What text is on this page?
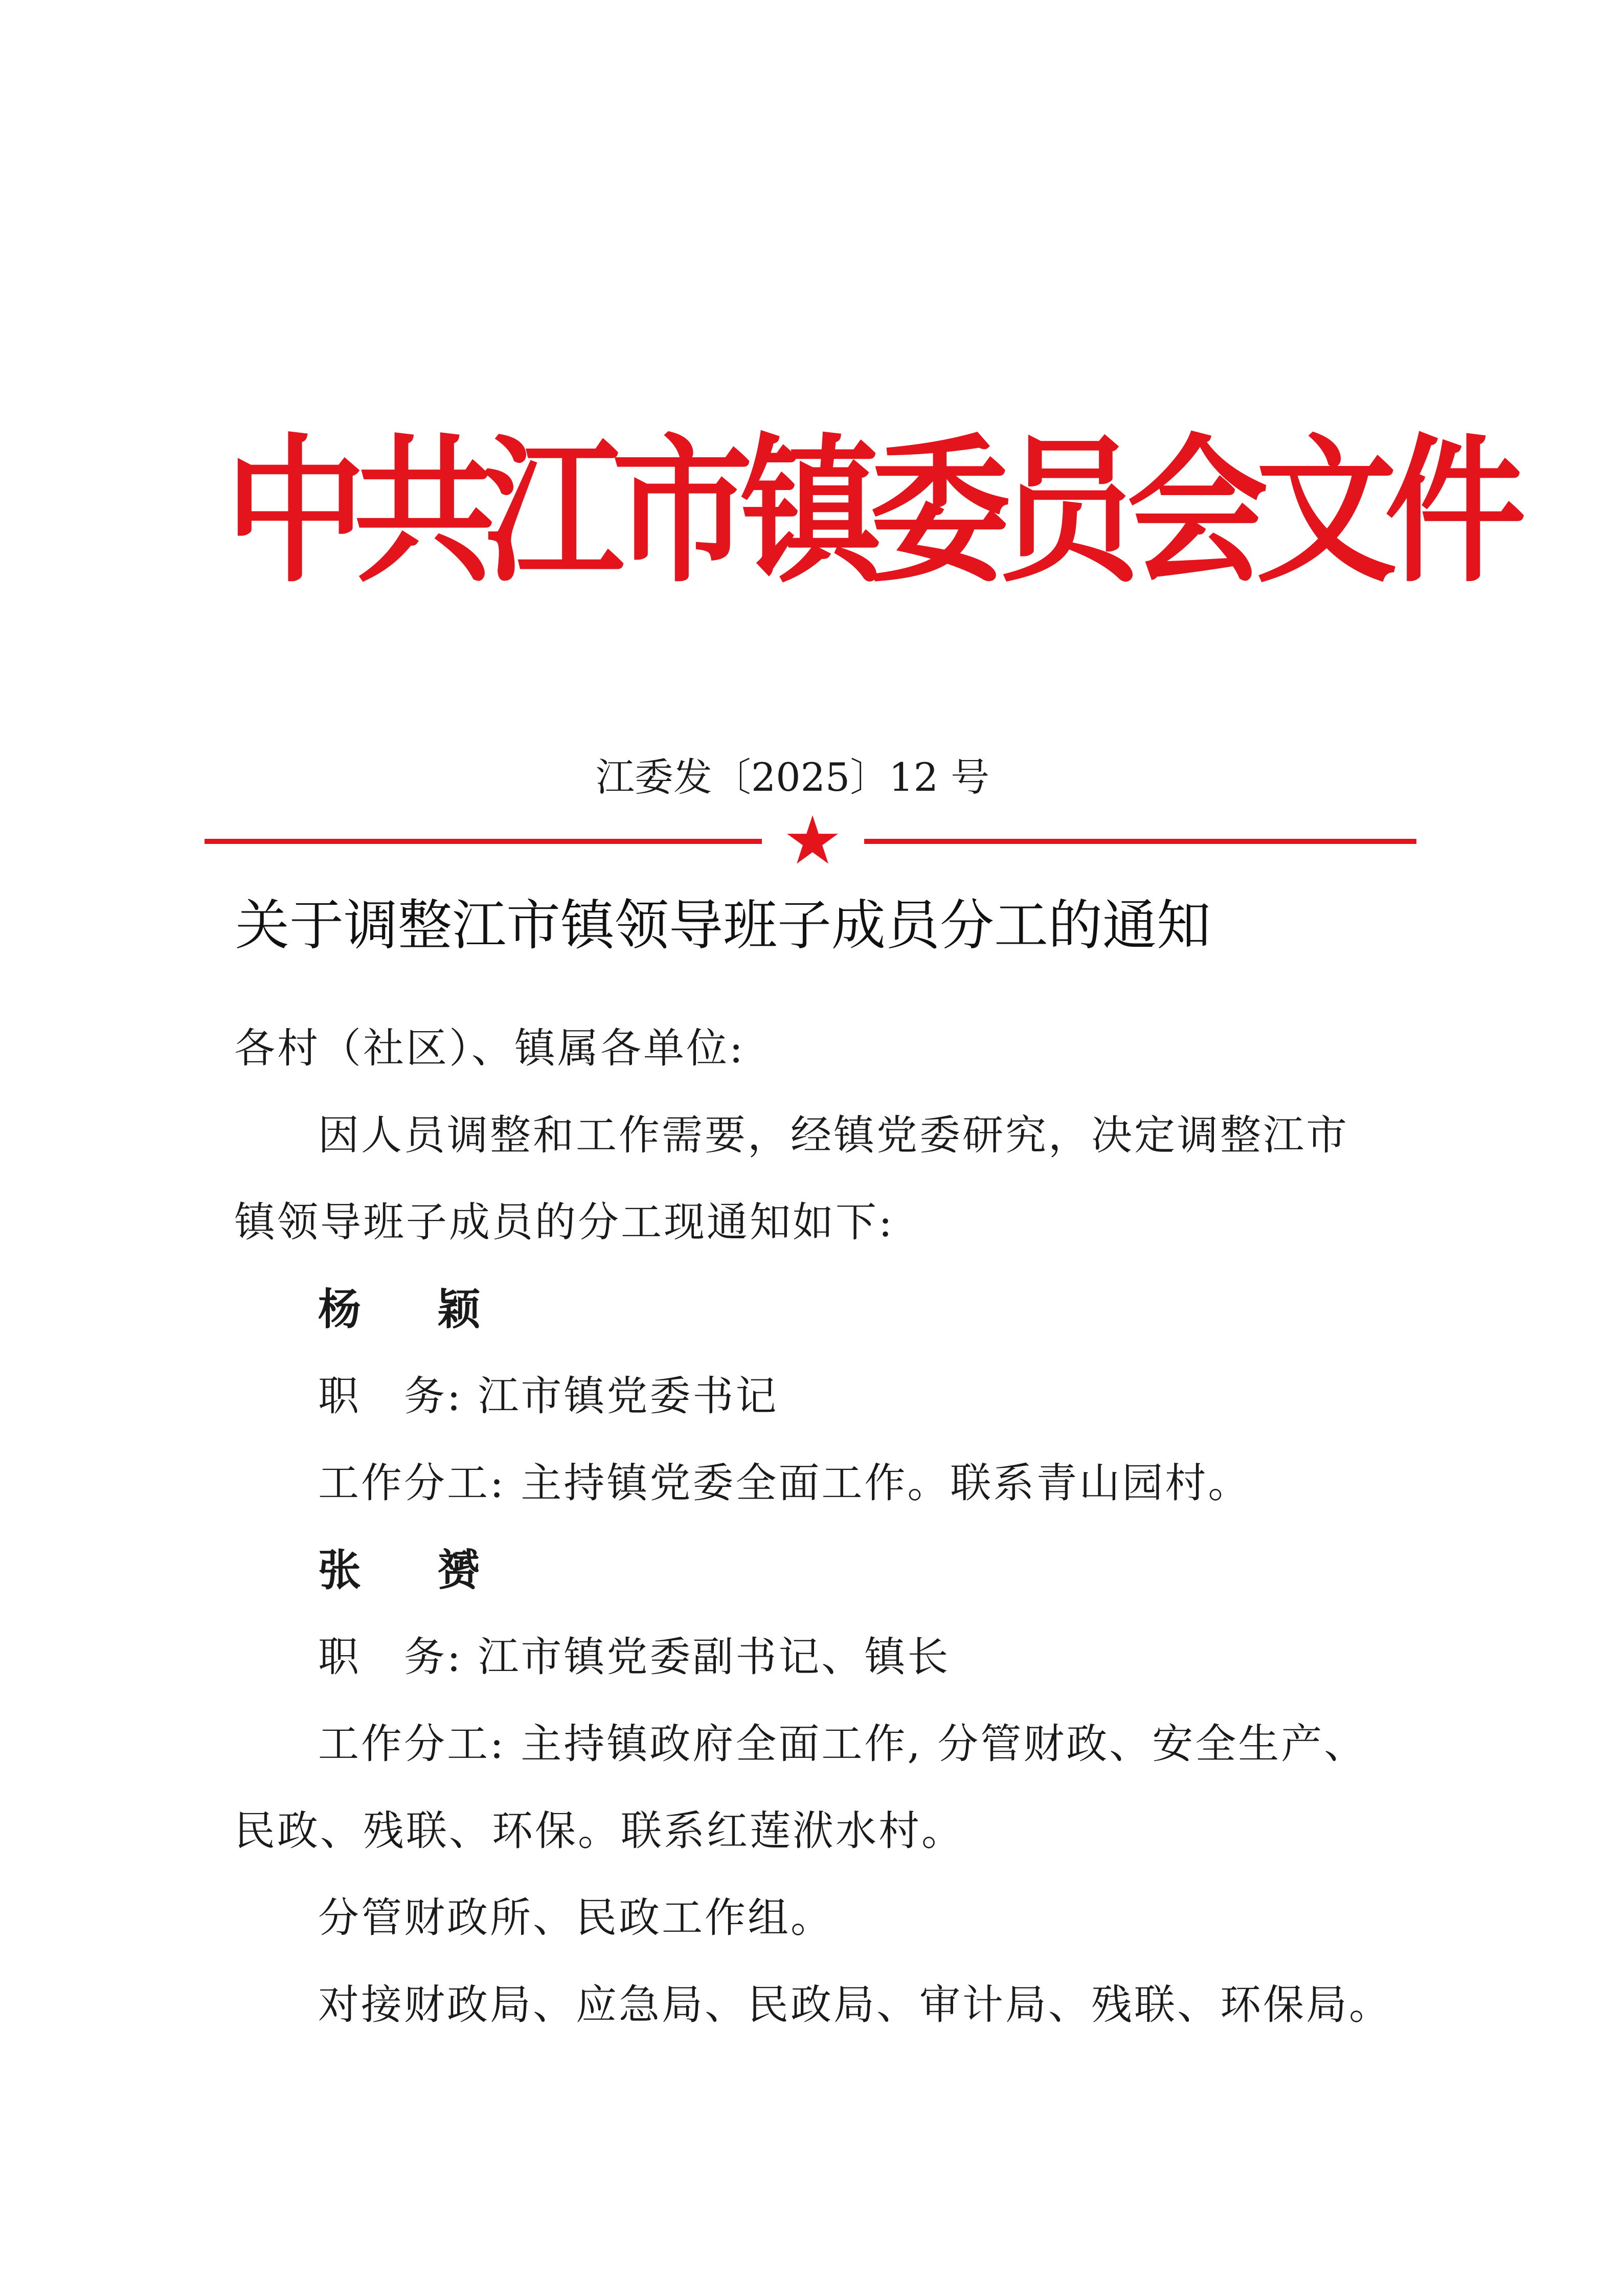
中共江市镇委员会文件
江委发〔2025〕12 号
★
关于调整江市镇领导班子成员分工的通知
各村（社区）、镇属各单位:
因人员调整和工作需要，经镇党委研究，决定调整江市
镇领导班子成员的分工现通知如下:
杨 颖
职　务: 江市镇党委书记
工作分工: 主持镇党委全面工作。联系青山园村。
张 赟
职　务: 江市镇党委副书记、镇长
工作分工: 主持镇政府全面工作, 分管财政、安全生产、
民政、残联、环保。联系红莲洑水村。
分管财政所、民政工作组。
对接财政局、应急局、民政局、审计局、残联、环保局。
